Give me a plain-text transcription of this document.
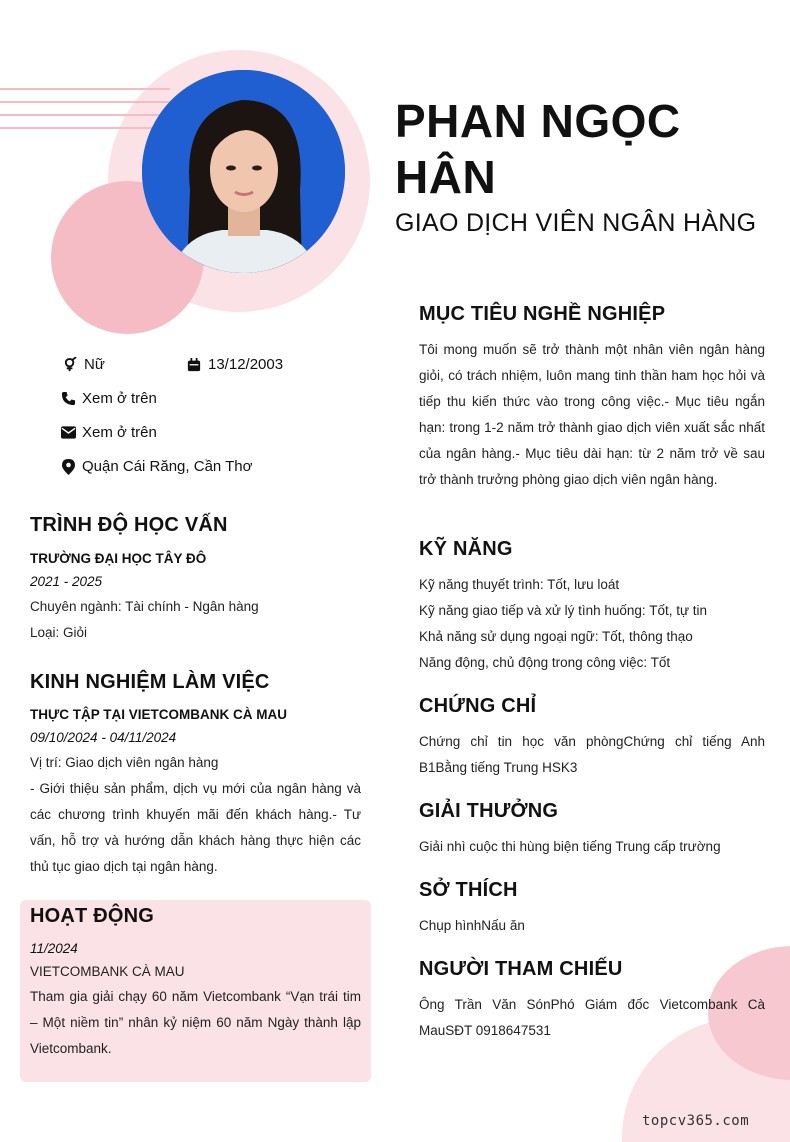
PHAN NGỌC HÂN
GIAO DỊCH VIÊN NGÂN HÀNG
Nữ	13/12/2003
Xem ở trên
Xem ở trên
Quận Cái Răng, Cần Thơ
TRÌNH ĐỘ HỌC VẤN
TRƯỜNG ĐẠI HỌC TÂY ĐÔ
2021 - 2025
Chuyên ngành: Tài chính - Ngân hàng
Loại: Giỏi
KINH NGHIỆM LÀM VIỆC
THỰC TẬP TẠI VIETCOMBANK CÀ MAU
09/10/2024 - 04/11/2024
Vị trí: Giao dịch viên ngân hàng
- Giới thiệu sản phẩm, dịch vụ mới của ngân hàng và các chương trình khuyến mãi đến khách hàng.- Tư vấn, hỗ trợ và hướng dẫn khách hàng thực hiện các thủ tục giao dịch tại ngân hàng.
HOẠT ĐỘNG
11/2024
VIETCOMBANK CÀ MAU
Tham gia giải chạy 60 năm Vietcombank “Vạn trái tim – Một niềm tin” nhân kỷ niệm 60 năm Ngày thành lập Vietcombank.
MỤC TIÊU NGHỀ NGHIỆP
Tôi mong muốn sẽ trở thành một nhân viên ngân hàng giỏi, có trách nhiệm, luôn mang tinh thần ham học hỏi và tiếp thu kiến thức vào trong công việc.- Mục tiêu ngắn hạn: trong 1-2 năm trở thành giao dịch viên xuất sắc nhất của ngân hàng.- Mục tiêu dài hạn: từ 2 năm trở về sau trở thành trưởng phòng giao dịch viên ngân hàng.
KỸ NĂNG
Kỹ năng thuyết trình: Tốt, lưu loát
Kỹ năng giao tiếp và xử lý tình huống: Tốt, tự tin
Khả năng sử dụng ngoại ngữ: Tốt, thông thạo
Năng động, chủ động trong công việc: Tốt
CHỨNG CHỈ
Chứng chỉ tin học văn phòngChứng chỉ tiếng Anh B1Bằng tiếng Trung HSK3
GIẢI THƯỞNG
Giải nhì cuộc thi hùng biện tiếng Trung cấp trường
SỞ THÍCH
Chụp hìnhNấu ăn
NGƯỜI THAM CHIẾU
Ông Trần Văn SónPhó Giám đốc Vietcombank Cà MauSĐT 0918647531
topcv365.com
